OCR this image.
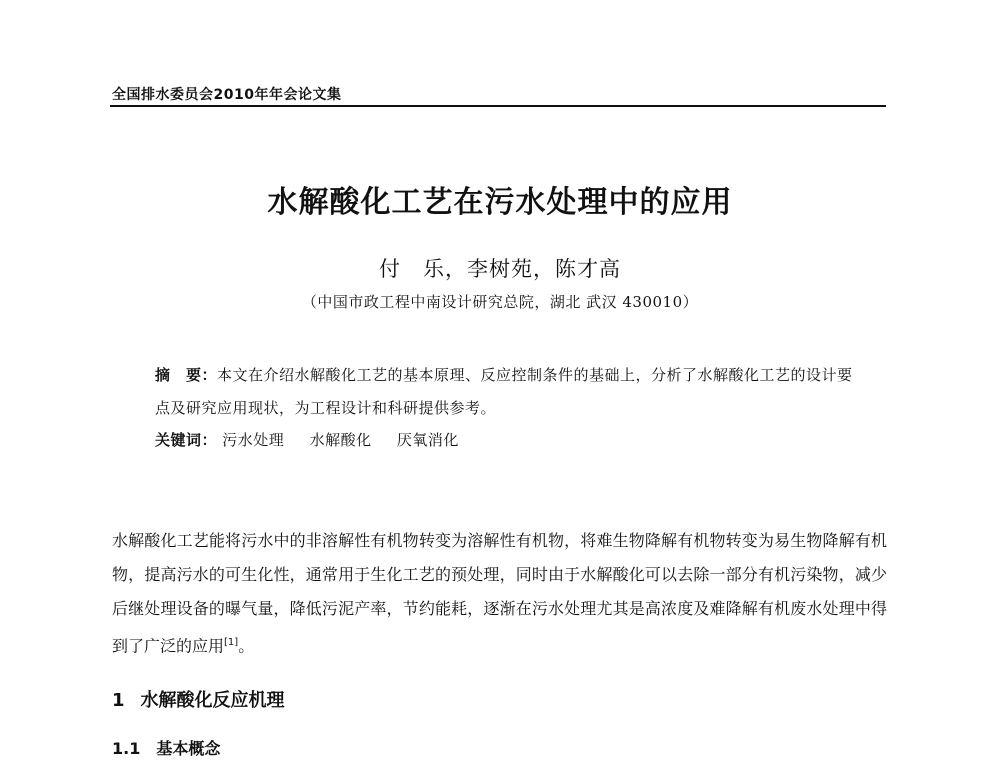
全国排水委员会2010年年会论文集
水解酸化工艺在污水处理中的应用
付　乐，李树苑，陈才高
（中国市政工程中南设计研究总院，湖北 武汉 430010）
摘　要：本文在介绍水解酸化工艺的基本原理、反应控制条件的基础上，分析了水解酸化工艺的设计要点及研究应用现状，为工程设计和科研提供参考。
关键词： 污水处理 水解酸化 厌氧消化
水解酸化工艺能将污水中的非溶解性有机物转变为溶解性有机物，将难生物降解有机物转变为易生物降解有机物，提高污水的可生化性，通常用于生化工艺的预处理，同时由于水解酸化可以去除一部分有机污染物，减少后继处理设备的曝气量，降低污泥产率，节约能耗，逐渐在污水处理尤其是高浓度及难降解有机废水处理中得到了广泛的应用[1]。
1 水解酸化反应机理
1.1 基本概念
